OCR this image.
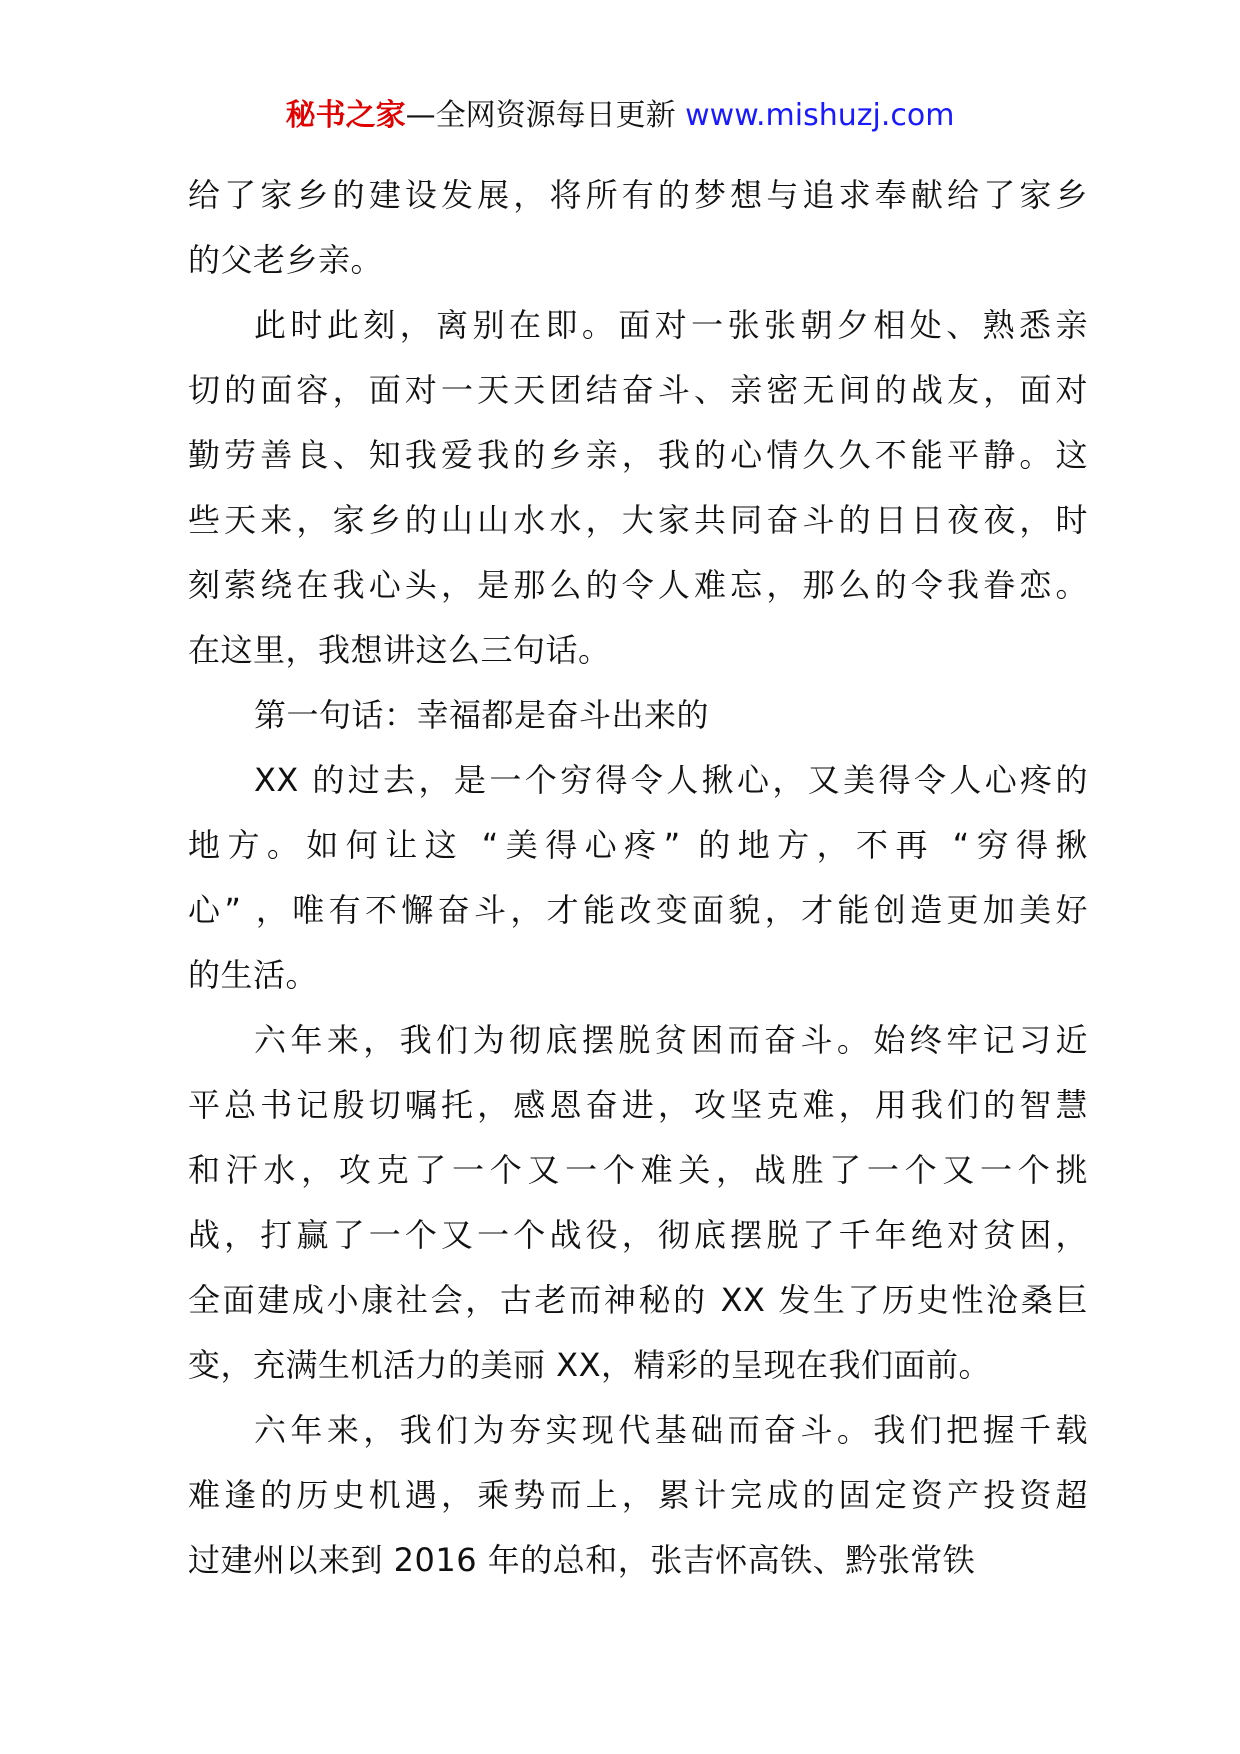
秘书之家—全网资源每日更新 www.mishuzj.com
给了家乡的建设发展，将所有的梦想与追求奉献给了家乡
的父老乡亲。
此时此刻，离别在即。面对一张张朝夕相处、熟悉亲
切的面容，面对一天天团结奋斗、亲密无间的战友，面对
勤劳善良、知我爱我的乡亲，我的心情久久不能平静。这
些天来，家乡的山山水水，大家共同奋斗的日日夜夜，时
刻萦绕在我心头，是那么的令人难忘，那么的令我眷恋。
在这里，我想讲这么三句话。
第一句话：幸福都是奋斗出来的
XX 的过去，是一个穷得令人揪心，又美得令人心疼的
地方。如何让这 “美得心疼” 的地方，不再 “穷得揪
心” ，唯有不懈奋斗，才能改变面貌，才能创造更加美好
的生活。
六年来，我们为彻底摆脱贫困而奋斗。始终牢记习近
平总书记殷切嘱托，感恩奋进，攻坚克难，用我们的智慧
和汗水，攻克了一个又一个难关，战胜了一个又一个挑
战，打赢了一个又一个战役，彻底摆脱了千年绝对贫困，
全面建成小康社会，古老而神秘的 XX 发生了历史性沧桑巨
变，充满生机活力的美丽 XX，精彩的呈现在我们面前。
六年来，我们为夯实现代基础而奋斗。我们把握千载
难逢的历史机遇，乘势而上，累计完成的固定资产投资超
过建州以来到 2016 年的总和，张吉怀高铁、黔张常铁
